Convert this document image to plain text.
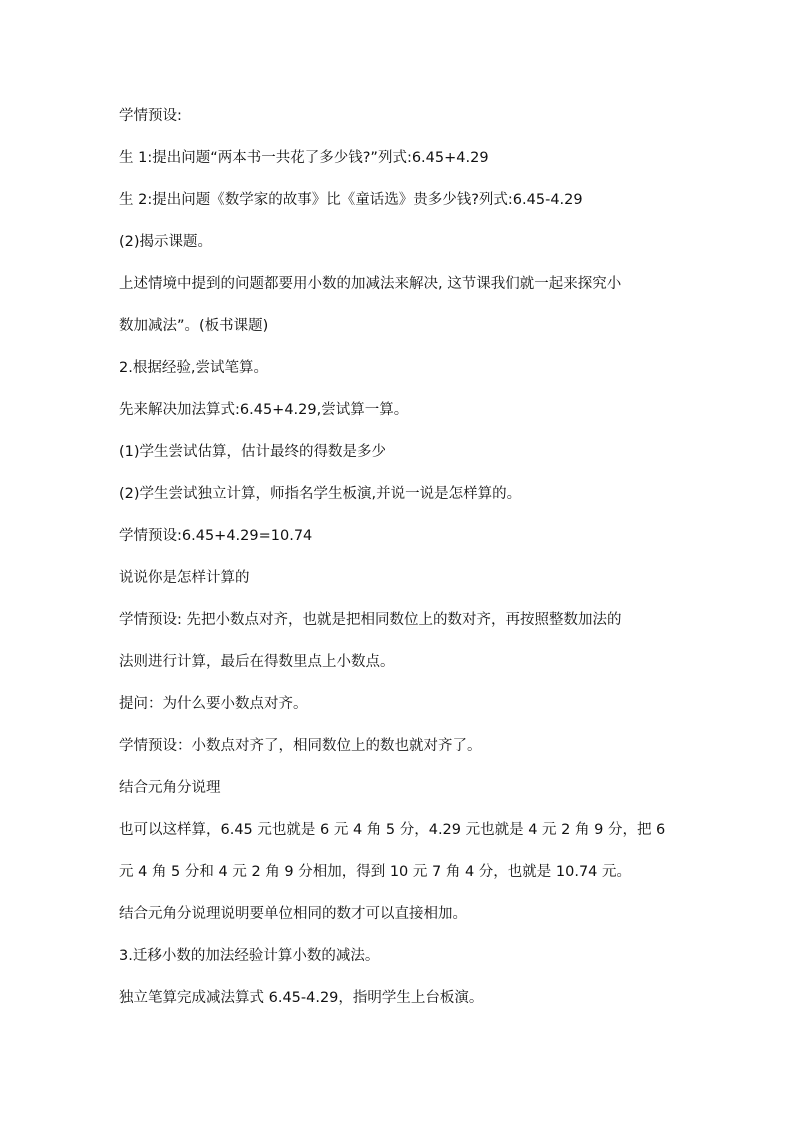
学情预设:

生 1:提出问题“两本书一共花了多少钱?”列式:6.45+4.29

生 2:提出问题《数学家的故事》比《童话选》贵多少钱?列式:6.45-4.29

(2)揭示课题。

上述情境中提到的问题都要用小数的加减法来解决, 这节课我们就一起来探究小

数加减法”。(板书课题)

2.根据经验,尝试笔算。

先来解决加法算式:6.45+4.29,尝试算一算。

(1)学生尝试估算，估计最终的得数是多少

(2)学生尝试独立计算，师指名学生板演,并说一说是怎样算的。

学情预设:6.45+4.29=10.74

说说你是怎样计算的

学情预设: 先把小数点对齐，也就是把相同数位上的数对齐，再按照整数加法的

法则进行计算，最后在得数里点上小数点。

提问：为什么要小数点对齐。

学情预设：小数点对齐了，相同数位上的数也就对齐了。

结合元角分说理

也可以这样算，6.45 元也就是 6 元 4 角 5 分，4.29 元也就是 4 元 2 角 9 分，把 6

元 4 角 5 分和 4 元 2 角 9 分相加，得到 10 元 7 角 4 分，也就是 10.74 元。

结合元角分说理说明要单位相同的数才可以直接相加。

3.迁移小数的加法经验计算小数的减法。

独立笔算完成减法算式 6.45-4.29，指明学生上台板演。
